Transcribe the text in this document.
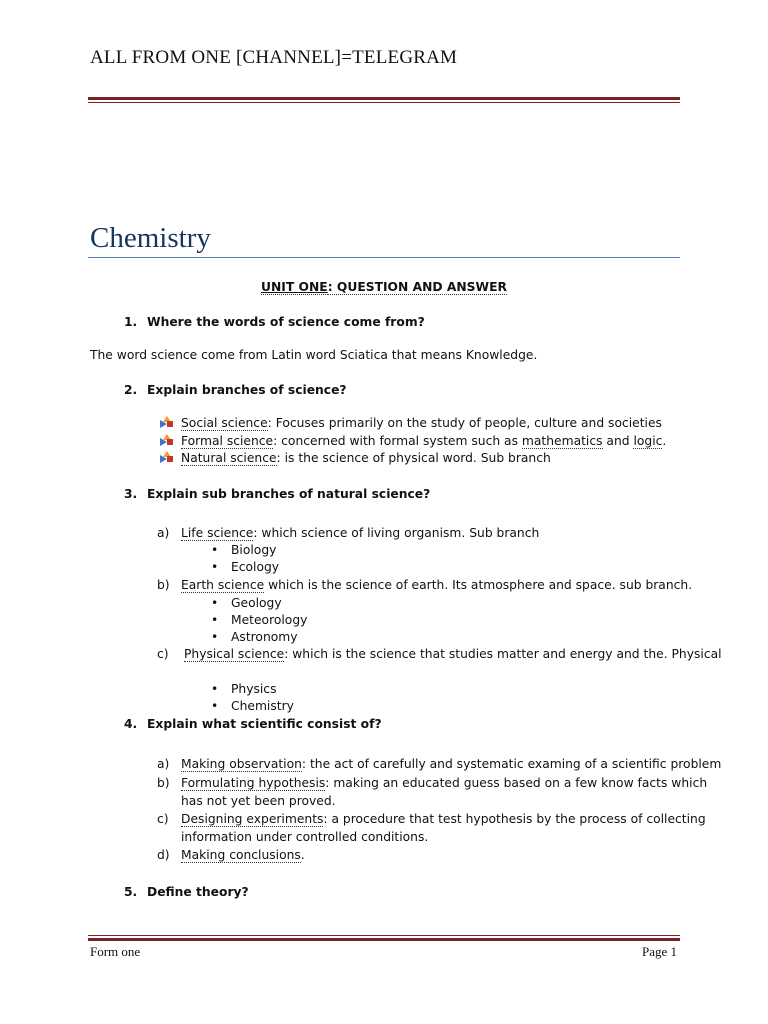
ALL FROM ONE [CHANNEL]=TELEGRAM
Chemistry
UNIT ONE: QUESTION AND ANSWER
1. Where the words of science come from?
The word science come from Latin word Sciatica that means Knowledge.
2. Explain branches of science?
Social science: Focuses primarily on the study of people, culture and societies
Formal science: concerned with formal system such as mathematics and logic.
Natural science: is the science of physical word. Sub branch
3. Explain sub branches of natural science?
a) Life science: which science of living organism. Sub branch
• Biology
• Ecology
b) Earth science which is the science of earth. Its atmosphere and space. sub branch.
• Geology
• Meteorology
• Astronomy
c) Physical science: which is the science that studies matter and energy and the. Physical
• Physics
• Chemistry
4. Explain what scientific consist of?
a) Making observation: the act of carefully and systematic examing of a scientific problem
b) Formulating hypothesis: making an educated guess based on a few know facts which
has not yet been proved.
c) Designing experiments: a procedure that test hypothesis by the process of collecting
information under controlled conditions.
d) Making conclusions.
5. Define theory?
Form one	Page 1
